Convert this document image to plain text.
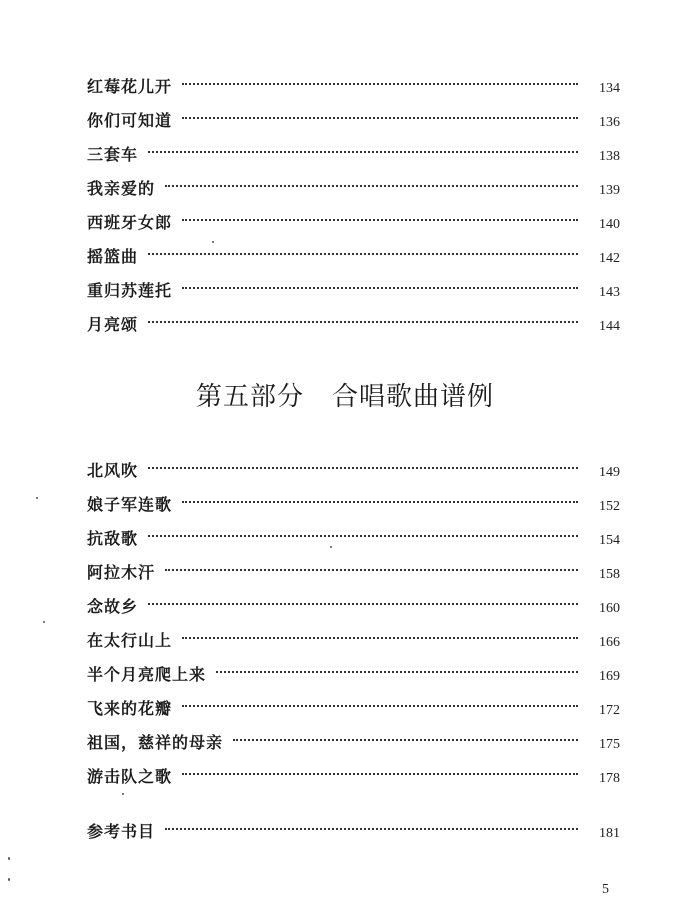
红莓花儿开	134
你们可知道	136
三套车	138
我亲爱的	139
西班牙女郎	140
摇篮曲	142
重归苏莲托	143
月亮颂	144
第五部分 合唱歌曲谱例
北风吹	149
娘子军连歌	152
抗敌歌	154
阿拉木汗	158
念故乡	160
在太行山上	166
半个月亮爬上来	169
飞来的花瓣	172
祖国，慈祥的母亲	175
游击队之歌	178
参考书目	181
5
